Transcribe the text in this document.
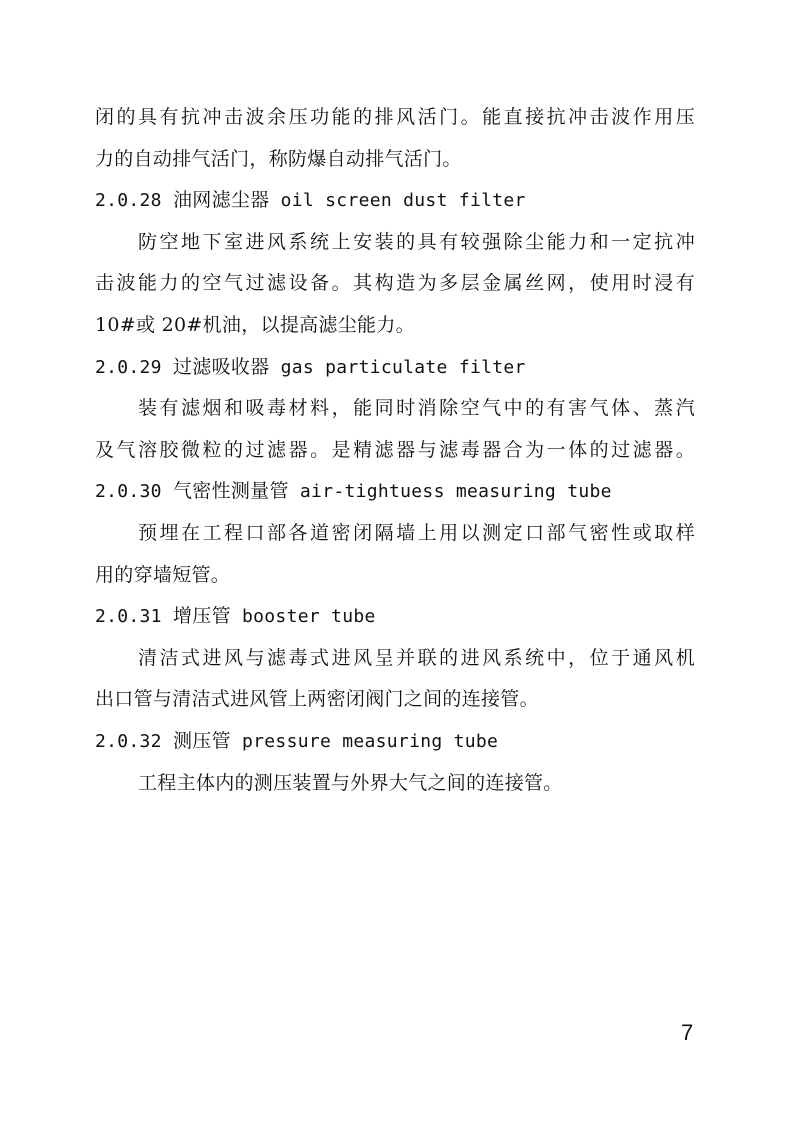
闭的具有抗冲击波余压功能的排风活门。能直接抗冲击波作用压
力的自动排气活门，称防爆自动排气活门。
2.0.28 油网滤尘器 oil screen dust filter
防空地下室进风系统上安装的具有较强除尘能力和一定抗冲
击波能力的空气过滤设备。其构造为多层金属丝网，使用时浸有
10#或 20#机油，以提高滤尘能力。
2.0.29 过滤吸收器 gas particulate filter
装有滤烟和吸毒材料，能同时消除空气中的有害气体、蒸汽
及气溶胶微粒的过滤器。是精滤器与滤毒器合为一体的过滤器。
2.0.30 气密性测量管 air-tightuess measuring tube
预埋在工程口部各道密闭隔墙上用以测定口部气密性或取样
用的穿墙短管。
2.0.31 增压管 booster tube
清洁式进风与滤毒式进风呈并联的进风系统中，位于通风机
出口管与清洁式进风管上两密闭阀门之间的连接管。
2.0.32 测压管 pressure measuring tube
工程主体内的测压装置与外界大气之间的连接管。
7
